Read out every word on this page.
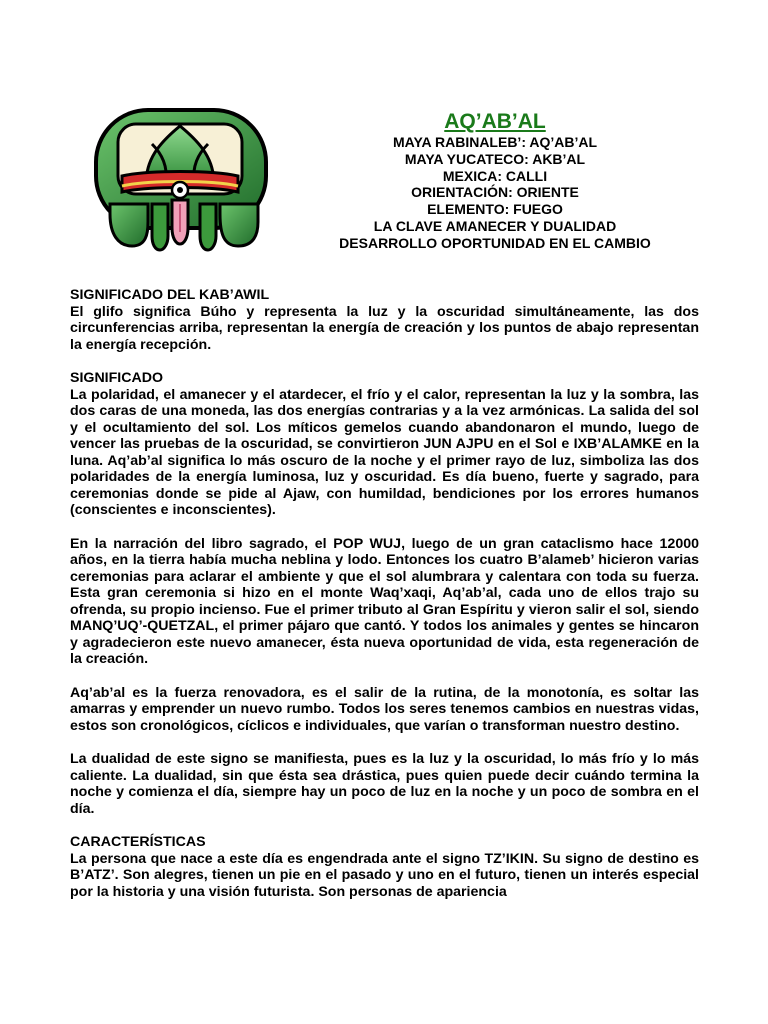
AQ’AB’AL
MAYA RABINALEB’: AQ’AB’AL
MAYA YUCATECO: AKB’AL
MEXICA: CALLI
ORIENTACIÓN: ORIENTE
ELEMENTO: FUEGO
LA CLAVE AMANECER Y DUALIDAD
DESARROLLO OPORTUNIDAD EN EL CAMBIO

SIGNIFICADO DEL KAB’AWIL

El glifo significa Búho y representa la luz y la oscuridad simultáneamente, las dos circunferencias arriba, representan la energía de creación y los puntos de abajo representan la energía recepción.

SIGNIFICADO

La polaridad, el amanecer y el atardecer, el frío y el calor, representan la luz y la sombra, las dos caras de una moneda, las dos energías contrarias y a la vez armónicas. La salida del sol y el ocultamiento del sol. Los míticos gemelos cuando abandonaron el mundo, luego de vencer las pruebas de la oscuridad, se convirtieron JUN AJPU en el Sol e IXB’ALAMKE en la luna. Aq’ab’al significa lo más oscuro de la noche y el primer rayo de luz, simboliza las dos polaridades de la energía luminosa, luz y oscuridad. Es día bueno, fuerte y sagrado, para ceremonias donde se pide al Ajaw, con humildad, bendiciones por los errores humanos (conscientes e inconscientes).

En la narración del libro sagrado, el POP WUJ, luego de un gran cataclismo hace 12000 años, en la tierra había mucha neblina y lodo. Entonces los cuatro B’alameb’ hicieron varias ceremonias para aclarar el ambiente y que el sol alumbrara y calentara con toda su fuerza. Esta gran ceremonia si hizo en el monte Waq’xaqi, Aq’ab’al, cada uno de ellos trajo su ofrenda, su propio incienso. Fue el primer tributo al Gran Espíritu y vieron salir el sol, siendo MANQ’UQ’-QUETZAL, el primer pájaro que cantó. Y todos los animales y gentes se hincaron y agradecieron este nuevo amanecer, ésta nueva oportunidad de vida, esta regeneración de la creación.

Aq’ab’al es la fuerza renovadora, es el salir de la rutina, de la monotonía, es soltar las amarras y emprender un nuevo rumbo. Todos los seres tenemos cambios en nuestras vidas, estos son cronológicos, cíclicos e individuales, que varían o transforman nuestro destino.

La dualidad de este signo se manifiesta, pues es la luz y la oscuridad, lo más frío y lo más caliente. La dualidad, sin que ésta sea drástica, pues quien puede decir cuándo termina la noche y comienza el día, siempre hay un poco de luz en la noche y un poco de sombra en el día.

CARACTERÍSTICAS

La persona que nace a este día es engendrada ante el signo TZ’IKIN. Su signo de destino es B’ATZ’. Son alegres, tienen un pie en el pasado y uno en el futuro, tienen un interés especial por la historia y una visión futurista. Son personas de apariencia
